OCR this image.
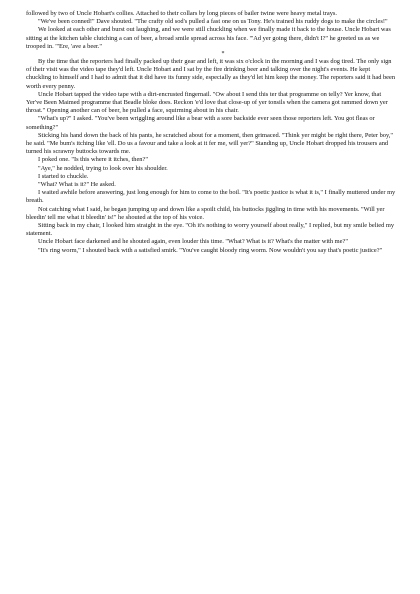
followed by two of Uncle Hobart's collies. Attached to their collars by long pieces of bailer twine were heavy metal trays.

"We've been conned!" Dave shouted. "The crafty old sod's pulled a fast one on us Tony. He's trained his ruddy dogs to make the circles!"

We looked at each other and burst out laughing, and we were still chuckling when we finally made it back to the house. Uncle Hobart was sitting at the kitchen table clutching a can of beer, a broad smile spread across his face. "'Ad yer going there, didn't I?" he greeted us as we trooped in. "'Ere, 'ave a beer."

*

By the time that the reporters had finally packed up their gear and left, it was six o'clock in the morning and I was dog tired. The only sign of their visit was the video tape they'd left. Uncle Hobart and I sat by the fire drinking beer and talking over the night's events. He kept chuckling to himself and I had to admit that it did have its funny side, especially as they'd let him keep the money. The reporters said it had been worth every penny.

Uncle Hobart tapped the video tape with a dirt-encrusted fingernail. "Ow about I send this ter that programme on telly? Yer know, that Yer've Been Maimed programme that Beadle bloke does. Reckon 'e'd love that close-up of yer tonsils when the camera got rammed down yer throat." Opening another can of beer, he pulled a face, squirming about in his chair.

"What's up?" I asked. "You've been wriggling around like a bear with a sore backside ever seen those reporters left. You got fleas or something?"

Sticking his hand down the back of his pants, he scratched about for a moment, then grimaced. "Think yer might be right there, Peter boy," he said. "Me bum's itching like 'ell. Do us a favour and take a look at it fer me, will yer?" Standing up, Uncle Hobart dropped his trousers and turned his scrawny buttocks towards me.

I poked one. "Is this where it itches, then?"

"Aye," he nodded, trying to look over his shoulder.

I started to chuckle.

"What? What is it?" He asked.

I waited awhile before answering, just long enough for him to come to the boil. "It's poetic justice is what it is," I finally muttered under my breath.

Not catching what I said, he began jumping up and down like a spoilt child, his buttocks jiggling in time with his movements. "Will yer bleedin' tell me what it bleedin' is!" he shouted at the top of his voice.

Sitting back in my chair, I looked him straight in the eye. "Oh it's nothing to worry yourself about really," I replied, but my smile belied my statement.

Uncle Hobart face darkened and he shouted again, even louder this time. "What? What is it? What's the matter with me?"

"It's ring worm," I shouted back with a satisfied smirk. "You've caught bloody ring worm. Now wouldn't you say that's poetic justice?"
